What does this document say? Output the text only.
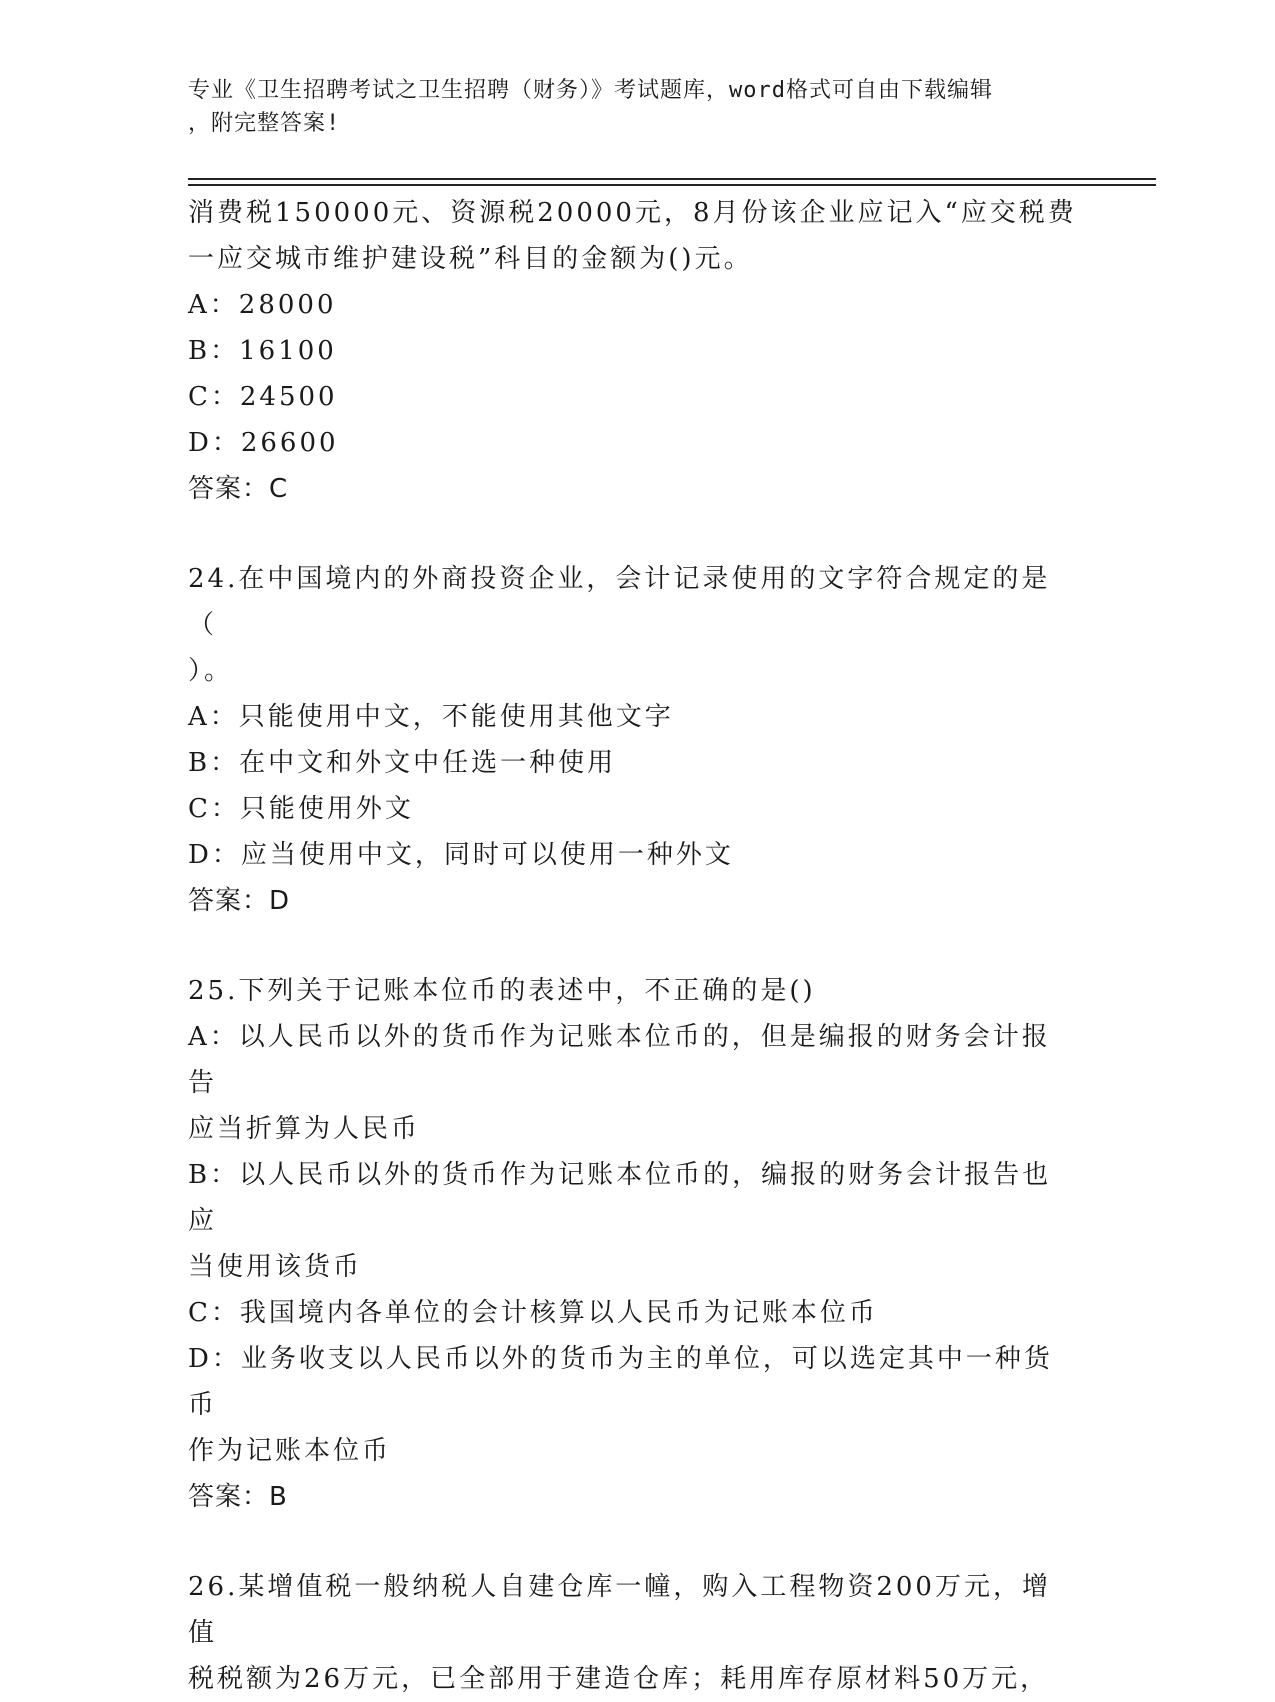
专业《卫生招聘考试之卫生招聘（财务）》考试题库，word格式可自由下载编辑
，附完整答案!
消费税150000元、资源税20000元，8月份该企业应记入“应交税费
一应交城市维护建设税”科目的金额为()元。
A：28000
B：16100
C：24500
D：26600
答案：C
24.在中国境内的外商投资企业，会计记录使用的文字符合规定的是（
）。
A：只能使用中文，不能使用其他文字
B：在中文和外文中任选一种使用
C：只能使用外文
D：应当使用中文，同时可以使用一种外文
答案：D
25.下列关于记账本位币的表述中，不正确的是()
A：以人民币以外的货币作为记账本位币的，但是编报的财务会计报告
应当折算为人民币
B：以人民币以外的货币作为记账本位币的，编报的财务会计报告也应
当使用该货币
C：我国境内各单位的会计核算以人民币为记账本位币
D：业务收支以人民币以外的货币为主的单位，可以选定其中一种货币
作为记账本位币
答案：B
26.某增值税一般纳税人自建仓库一幢，购入工程物资200万元，增值
税税额为26万元，已全部用于建造仓库；耗用库存原材料50万元，
